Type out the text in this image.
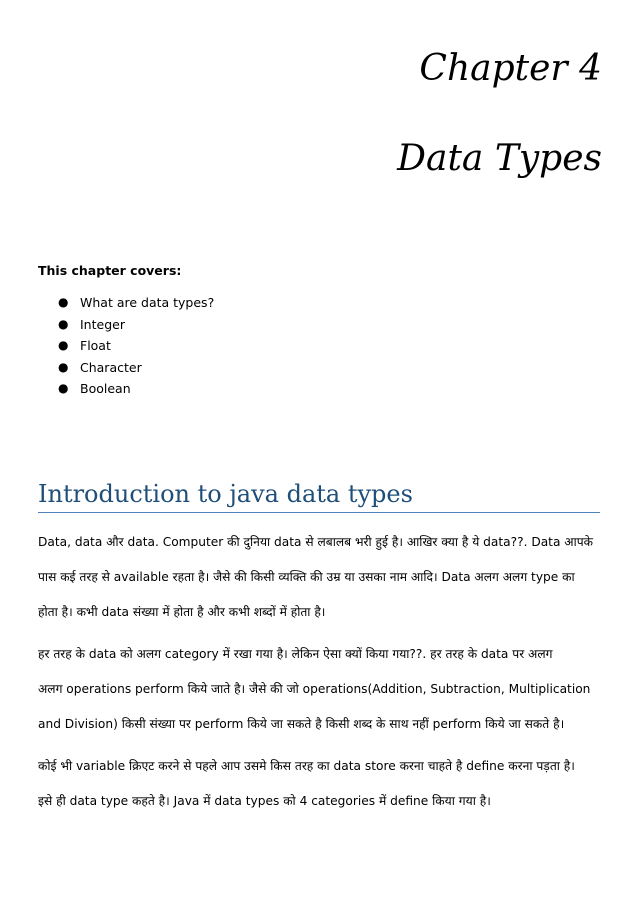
Chapter 4
Data Types
This chapter covers:
● What are data types?
● Integer
● Float
● Character
● Boolean
Introduction to java data types
Data, data और data. Computer की दुनिया data से लबालब भरी हुई है। आखिर क्या है ये data??. Data आपके
पास कई तरह से available रहता है। जैसे की किसी व्यक्ति की उम्र या उसका नाम आदि। Data अलग अलग type का
होता है। कभी data संख्या में होता है और कभी शब्दों में होता है।
हर तरह के data को अलग category में रखा गया है। लेकिन ऐसा क्यों किया गया??. हर तरह के data पर अलग
अलग operations perform किये जाते है। जैसे की जो operations(Addition, Subtraction, Multiplication
and Division) किसी संख्या पर perform किये जा सकते है किसी शब्द के साथ नहीं perform किये जा सकते है।
कोई भी variable क्रिएट करने से पहले आप उसमे किस तरह का data store करना चाहते है define करना पड़ता है।
इसे ही data type कहते है। Java में data types को 4 categories में define किया गया है।
